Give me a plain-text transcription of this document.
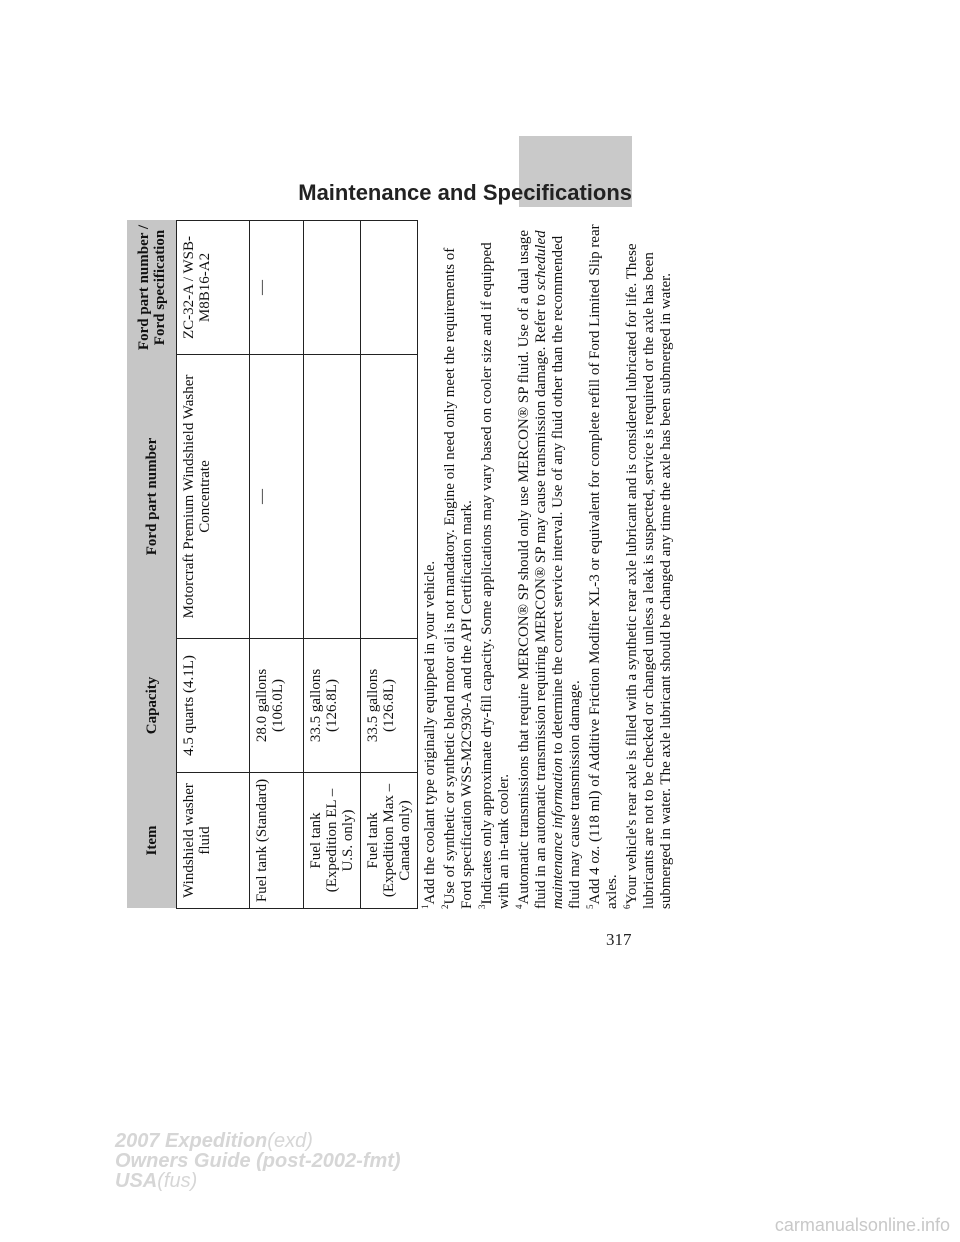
Maintenance and Specifications
Item	Capacity	Ford part number	Ford part number / Ford specification
Windshield washer fluid	4.5 quarts (4.1L)	Motorcraft Premium Windshield Washer Concentrate	ZC-32-A / WSB-M8B16-A2
Fuel tank (Standard)	28.0 gallons (106.0L)	—	—
Fuel tank (Expedition EL – U.S. only)	33.5 gallons (126.8L)		
Fuel tank (Expedition Max – Canada only)	33.5 gallons (126.8L)		

$^1$Add the coolant type originally equipped in your vehicle.

$^2$Use of synthetic or synthetic blend motor oil is not mandatory. Engine oil need only meet the requirements of Ford specification WSS-M2C930-A and the API Certification mark. $^3$Indicates only approximate dry-fill capacity. Some applications may vary based on cooler size and if equipped with an in-tank cooler. $^4$Automatic transmissions that require MERCON® SP should only use MERCON® SP fluid. Use of a dual usage fluid in an automatic transmission requiring MERCON® SP may cause transmission damage. Refer to scheduled maintenance information to determine the correct service interval. Use of any fluid other than the recommended fluid may cause transmission damage. $^5$Add 4 oz. (118 ml) of Additive Friction Modifier XL-3 or equivalent for complete refill of Ford Limited Slip rear axles. $^6$Your vehicle's rear axle is filled with a synthetic rear axle lubricant and is considered lubricated for life. These lubricants are not to be checked or changed unless a leak is suspected, service is required or the axle has been submerged in water. The axle lubricant should be changed any time the axle has been submerged in water.

317
2007 Expedition(exd)
Owners Guide (post-2002-fmt)
USA(fus)
carmanualsonline.info
